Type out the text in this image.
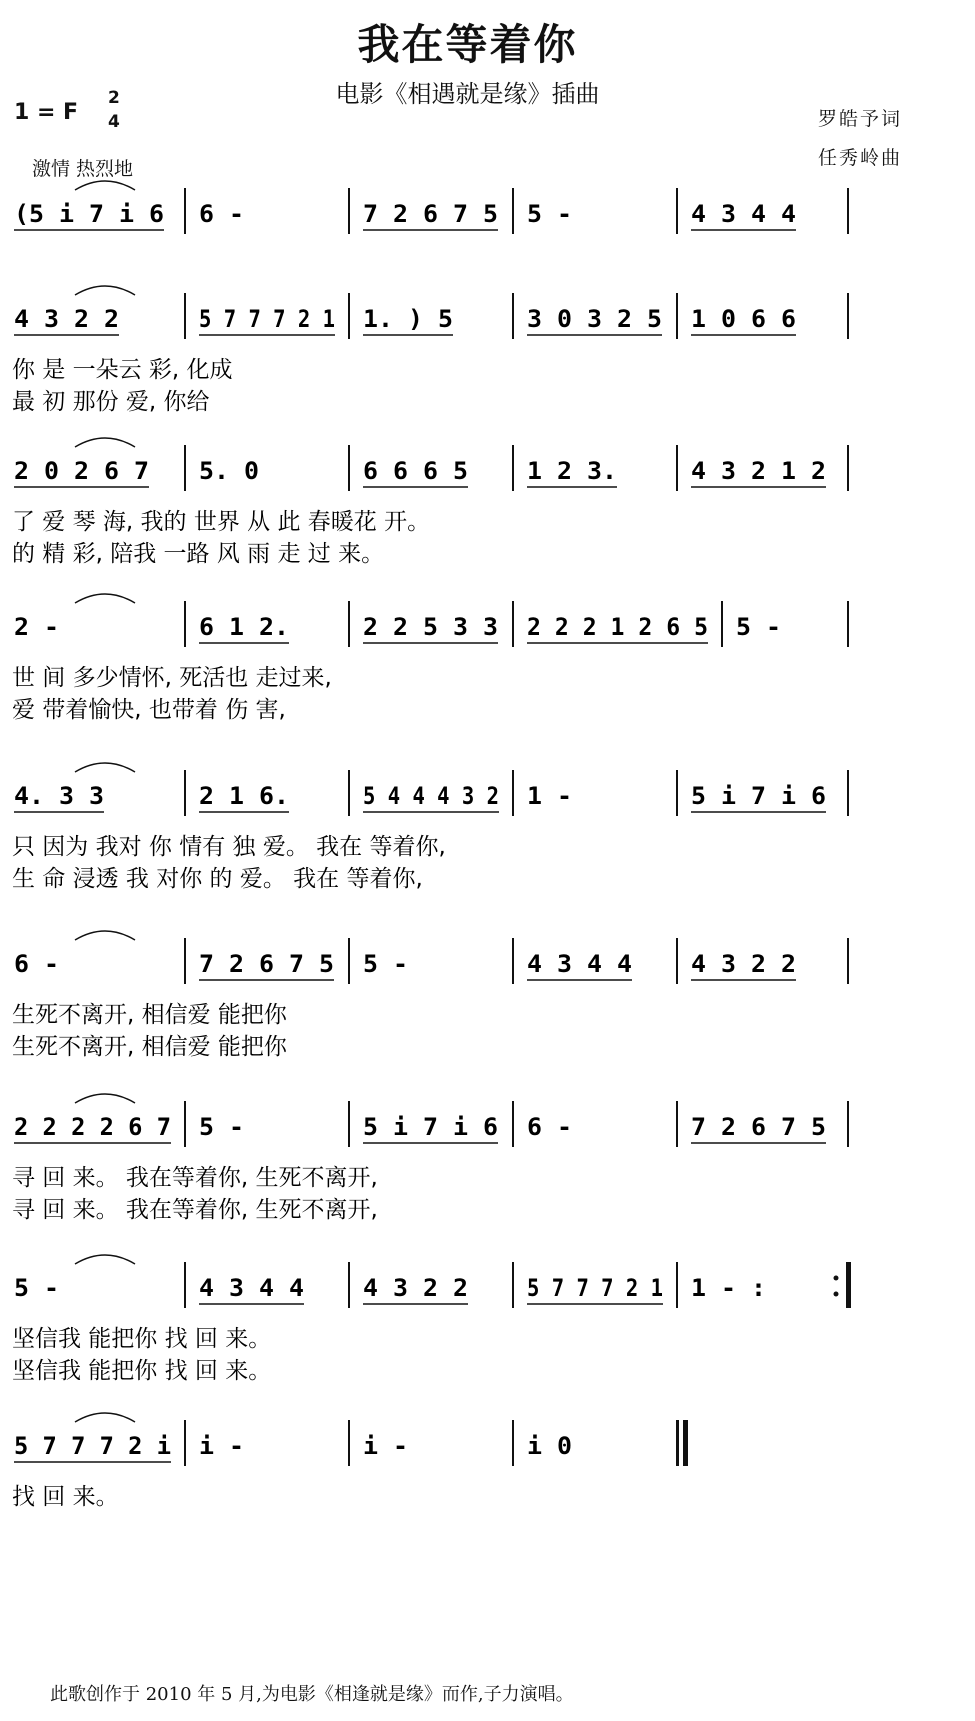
我在等着你
电影《相遇就是缘》插曲
1 = F
2
4
激情 热烈地
罗皓予词
任秀岭曲
(5 i 7 i 6 6 -	7 2 6 7 5 5 -	4 3 4 4
4 3 2 2	5 7 7 7 2 1 1. ) 5	3 0 3 2 5 1 0 6 6
你 是 一朵云 彩, 化成
最 初 那份 爱, 你给
2 0 2 6 7 5. 0	6 6 6 5 1 2 3.	4 3 2 1 2
了 爱 琴 海, 我的 世界 从 此 春暖花 开。
的 精 彩, 陪我 一路 风 雨 走 过 来。
2 -	6 1 2.	2 2 5 3 3 2 2 2 1 2 6 5 5 -
世 间 多少情怀, 死活也 走过来,
爱 带着愉快, 也带着 伤 害,
4. 3 3	2 1 6.	5 4 4 4 3 2 1 -	5 i 7 i 6
只 因为 我对 你 情有 独 爱。 我在 等着你,
生 命 浸透 我 对你 的 爱。 我在 等着你,
6 -	7 2 6 7 5 5 -	4 3 4 4 4 3 2 2
生死不离开, 相信爱 能把你
生死不离开, 相信爱 能把你
2 2 2 2 6 7 5 -	5 i 7 i 6 6 -	7 2 6 7 5
寻 回 来。 我在等着你, 生死不离开,
寻 回 来。 我在等着你, 生死不离开,
5 -	4 3 4 4 4 3 2 2 5 7 7 7 2 1 1 - :
坚信我 能把你 找 回 来。
坚信我 能把你 找 回 来。
5 7 7 7 2 i i -	i -	i 0
找 回 来。
此歌创作于 2010 年 5 月,为电影《相逢就是缘》而作,子力演唱。
